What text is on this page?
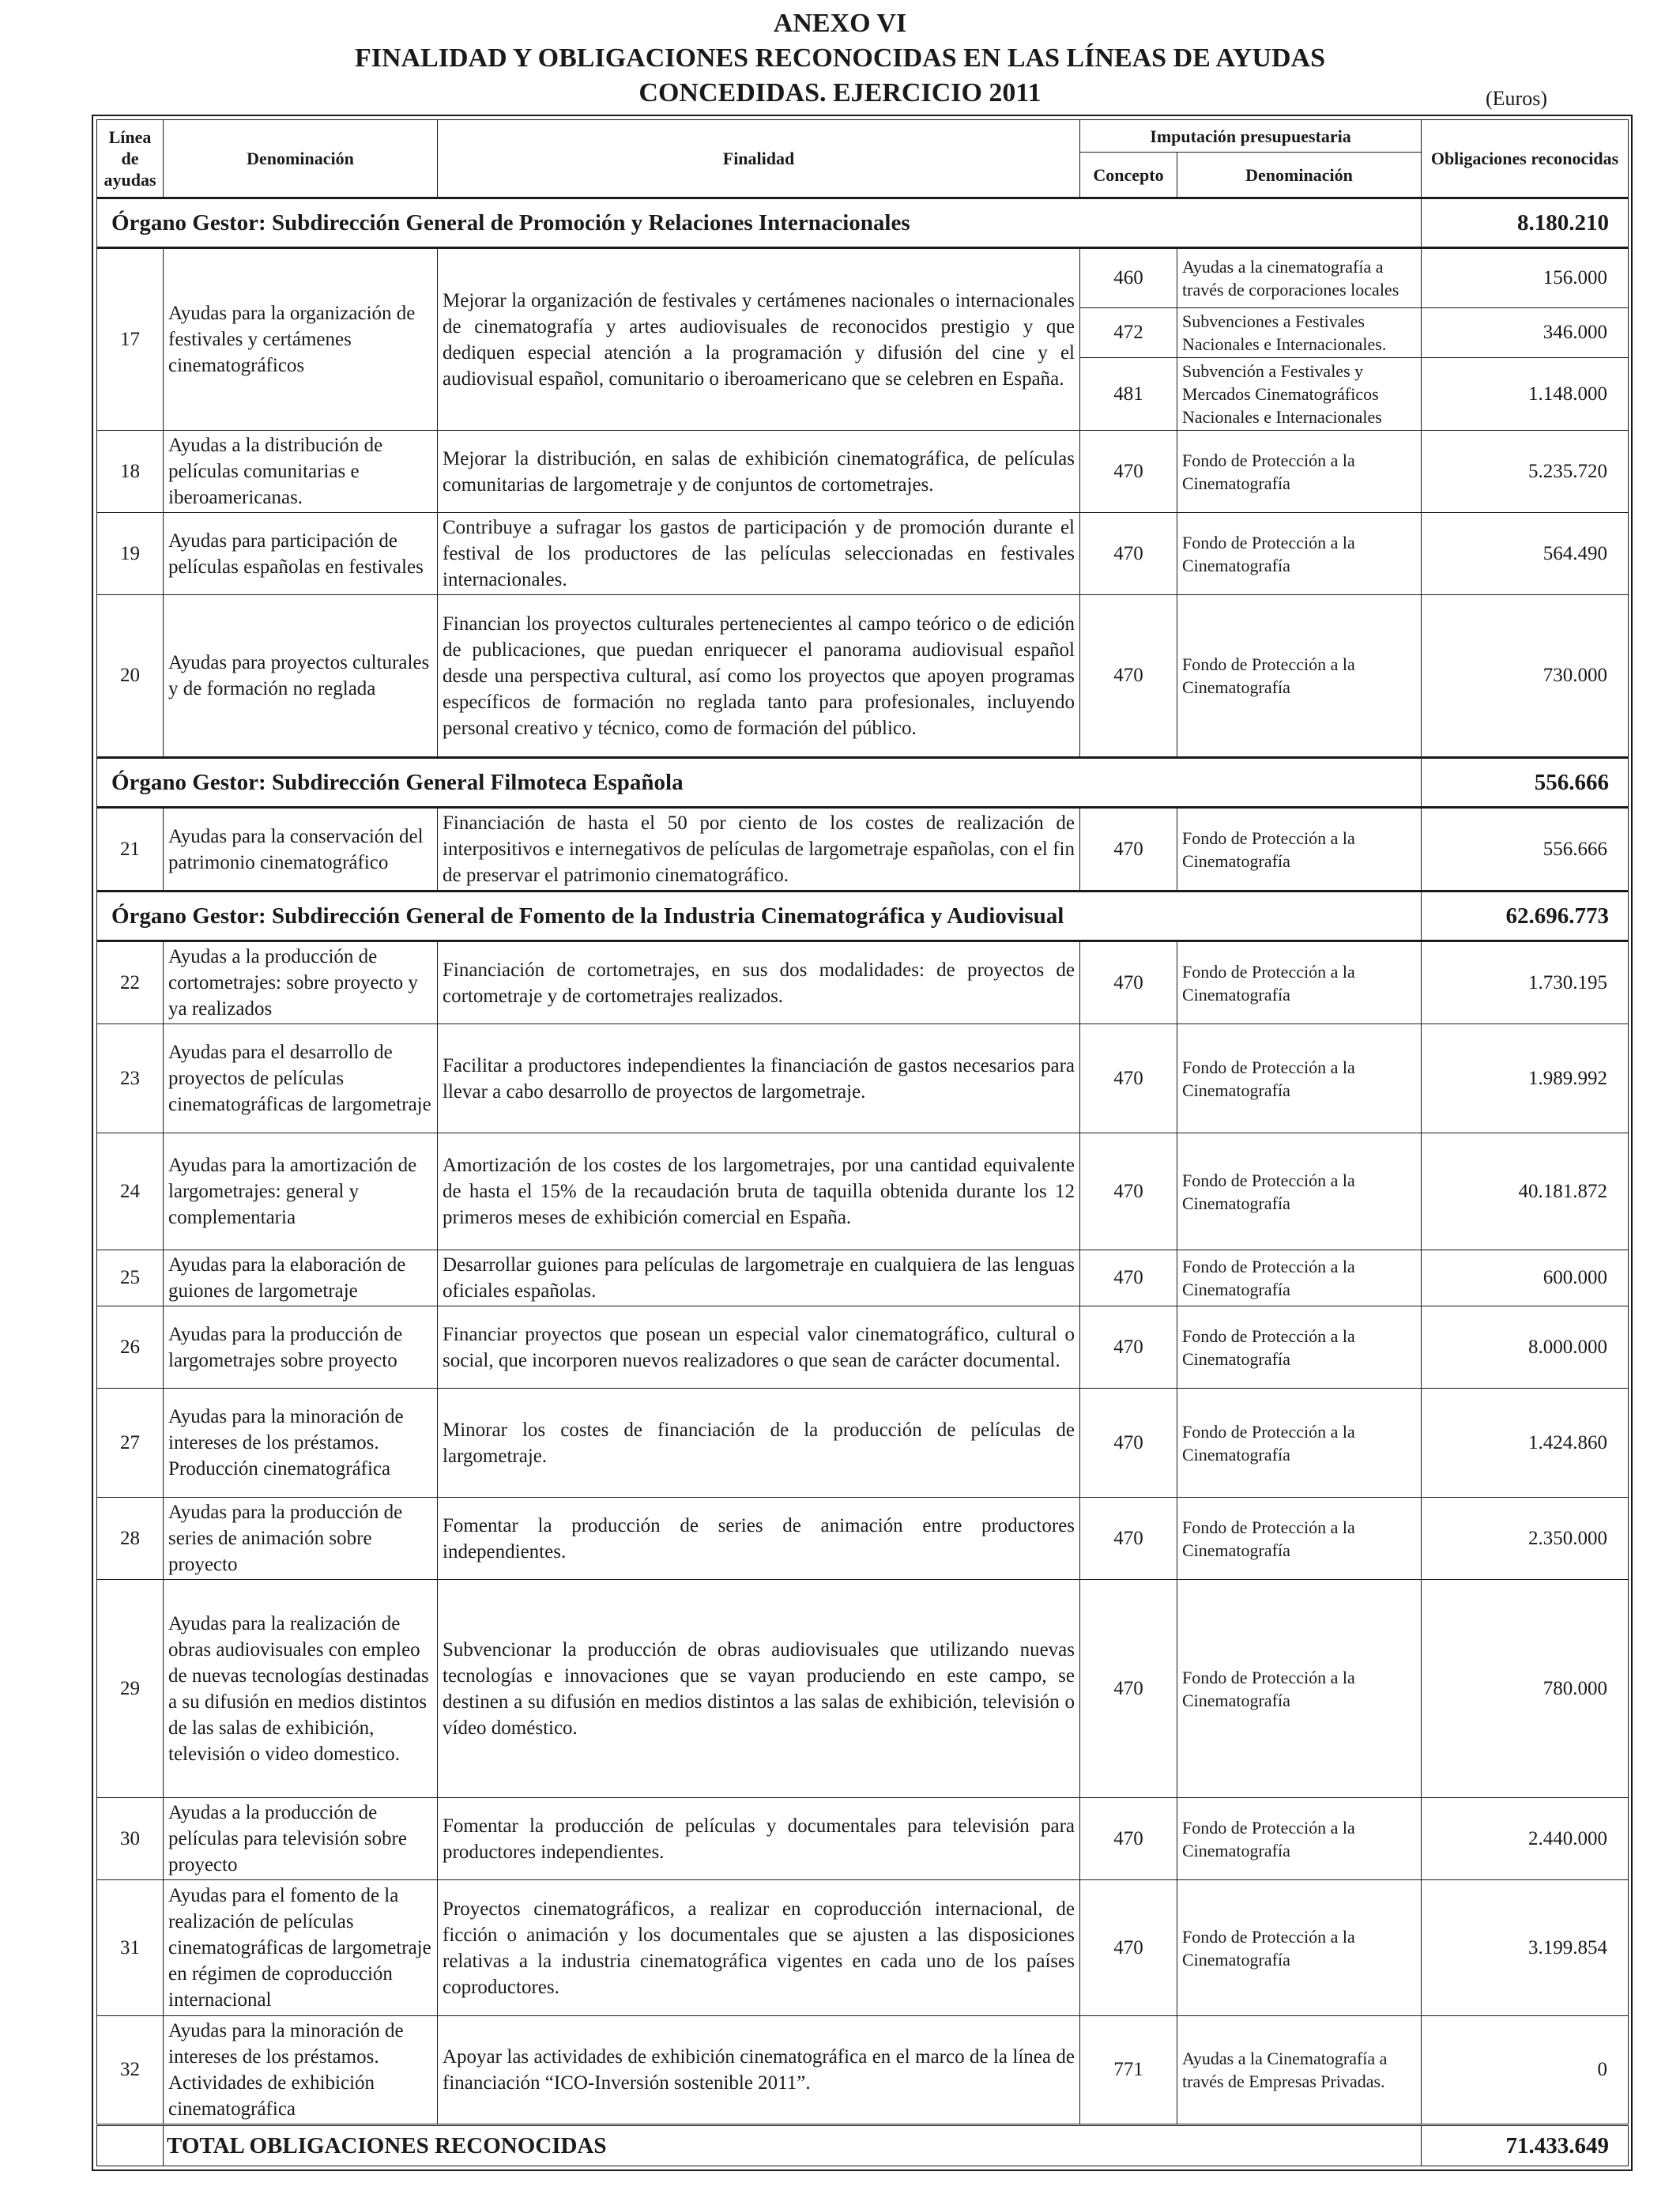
ANEXO VI
FINALIDAD Y OBLIGACIONES RECONOCIDAS EN LAS LÍNEAS DE AYUDAS
CONCEDIDAS. EJERCICIO 2011	(Euros)
Línea de ayudas	Denominación	Finalidad	Imputación presupuestaria		Obligaciones reconocidas
			Concepto	Denominación	
Órgano Gestor: Subdirección General de Promoción y Relaciones Internacionales					8.180.210
17	Ayudas para la organización de festivales y certámenes cinematográficos	Mejorar la organización de festivales y certámenes nacionales o internacionales de cinematografía y artes audiovisuales de reconocidos prestigio y que dediquen especial atención a la programación y difusión del cine y el audiovisual español, comunitario o iberoamericano que se celebren en España.	460	Ayudas a la cinematografía a través de corporaciones locales	156.000
			472	Subvenciones a Festivales Nacionales e Internacionales.	346.000
			481	Subvención a Festivales y Mercados Cinematográficos Nacionales e Internacionales	1.148.000
18	Ayudas a la distribución de películas comunitarias e iberoamericanas.	Mejorar la distribución, en salas de exhibición cinematográfica, de películas comunitarias de largometraje y de conjuntos de cortometrajes.	470	Fondo de Protección a la Cinematografía	5.235.720
19	Ayudas para participación de películas españolas en festivales	Contribuye a sufragar los gastos de participación y de promoción durante el festival de los productores de las películas seleccionadas en festivales internacionales.	470	Fondo de Protección a la Cinematografía	564.490
20	Ayudas para proyectos culturales y de formación no reglada	Financian los proyectos culturales pertenecientes al campo teórico o de edición de publicaciones, que puedan enriquecer el panorama audiovisual español desde una perspectiva cultural, así como los proyectos que apoyen programas específicos de formación no reglada tanto para profesionales, incluyendo personal creativo y técnico, como de formación del público.	470	Fondo de Protección a la Cinematografía	730.000
Órgano Gestor: Subdirección General Filmoteca Española					556.666
21	Ayudas para la conservación del patrimonio cinematográfico	Financiación de hasta el 50 por ciento de los costes de realización de interpositivos e internegativos de películas de largometraje españolas, con el fin de preservar el patrimonio cinematográfico.	470	Fondo de Protección a la Cinematografía	556.666
Órgano Gestor: Subdirección General de Fomento de la Industria Cinematográfica y Audiovisual					62.696.773
22	Ayudas a la producción de cortometrajes: sobre proyecto y ya realizados	Financiación de cortometrajes, en sus dos modalidades: de proyectos de cortometraje y de cortometrajes realizados.	470	Fondo de Protección a la Cinematografía	1.730.195
23	Ayudas para el desarrollo de proyectos de películas cinematográficas de largometraje	Facilitar a productores independientes la financiación de gastos necesarios para llevar a cabo desarrollo de proyectos de largometraje.	470	Fondo de Protección a la Cinematografía	1.989.992
24	Ayudas para la amortización de largometrajes: general y complementaria	Amortización de los costes de los largometrajes, por una cantidad equivalente de hasta el 15% de la recaudación bruta de taquilla obtenida durante los 12 primeros meses de exhibición comercial en España.	470	Fondo de Protección a la Cinematografía	40.181.872
25	Ayudas para la elaboración de guiones de largometraje	Desarrollar guiones para películas de largometraje en cualquiera de las lenguas oficiales españolas.	470	Fondo de Protección a la Cinematografía	600.000
26	Ayudas para la producción de largometrajes sobre proyecto	Financiar proyectos que posean un especial valor cinematográfico, cultural o social, que incorporen nuevos realizadores o que sean de carácter documental.	470	Fondo de Protección a la Cinematografía	8.000.000
27	Ayudas para la minoración de intereses de los préstamos. Producción cinematográfica	Minorar los costes de financiación de la producción de películas de largometraje.	470	Fondo de Protección a la Cinematografía	1.424.860
28	Ayudas para la producción de series de animación sobre proyecto	Fomentar la producción de series de animación entre productores independientes.	470	Fondo de Protección a la Cinematografía	2.350.000
29	Ayudas para la realización de obras audiovisuales con empleo de nuevas tecnologías destinadas a su difusión en medios distintos de las salas de exhibición, televisión o video domestico.	Subvencionar la producción de obras audiovisuales que utilizando nuevas tecnologías e innovaciones que se vayan produciendo en este campo, se destinen a su difusión en medios distintos a las salas de exhibición, televisión o vídeo doméstico.	470	Fondo de Protección a la Cinematografía	780.000
30	Ayudas a la producción de películas para televisión sobre proyecto	Fomentar la producción de películas y documentales para televisión para productores independientes.	470	Fondo de Protección a la Cinematografía	2.440.000
31	Ayudas para el fomento de la realización de películas cinematográficas de largometraje en régimen de coproducción internacional	Proyectos cinematográficos, a realizar en coproducción internacional, de ficción o animación y los documentales que se ajusten a las disposiciones relativas a la industria cinematográfica vigentes en cada uno de los países coproductores.	470	Fondo de Protección a la Cinematografía	3.199.854
32	Ayudas para la minoración de intereses de los préstamos. Actividades de exhibición cinematográfica	Apoyar las actividades de exhibición cinematográfica en el marco de la línea de financiación “ICO-Inversión sostenible 2011”.	771	Ayudas a la Cinematografía a través de Empresas Privadas.	0
	TOTAL OBLIGACIONES RECONOCIDAS				71.433.649
